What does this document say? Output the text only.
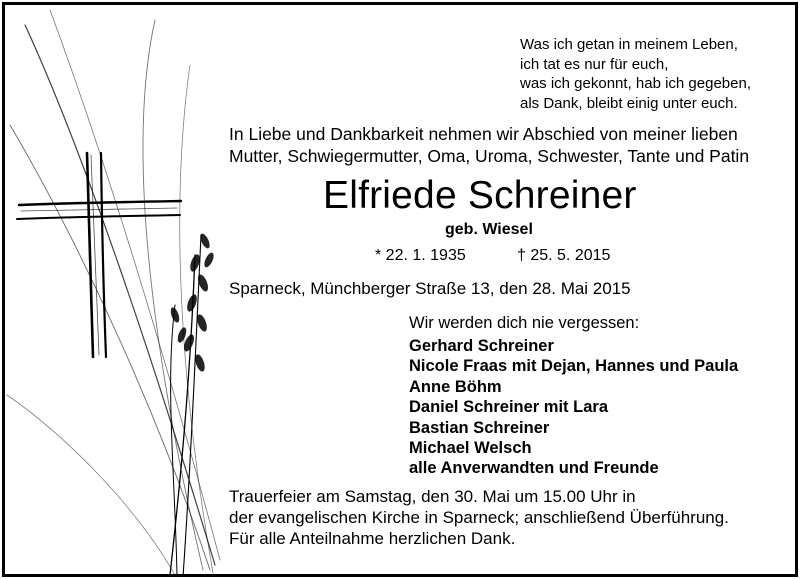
Was ich getan in meinem Leben,
ich tat es nur für euch,
was ich gekonnt, hab ich gegeben,
als Dank, bleibt einig unter euch.
In Liebe und Dankbarkeit nehmen wir Abschied von meiner lieben
Mutter, Schwiegermutter, Oma, Uroma, Schwester, Tante und Patin
Elfriede Schreiner
geb. Wiesel
* 22. 1. 1935	† 25. 5. 2015
Sparneck, Münchberger Straße 13, den 28. Mai 2015
Wir werden dich nie vergessen:
Gerhard Schreiner
Nicole Fraas mit Dejan, Hannes und Paula
Anne Böhm
Daniel Schreiner mit Lara
Bastian Schreiner
Michael Welsch
alle Anverwandten und Freunde
Trauerfeier am Samstag, den 30. Mai um 15.00 Uhr in
der evangelischen Kirche in Sparneck; anschließend Überführung.
Für alle Anteilnahme herzlichen Dank.
